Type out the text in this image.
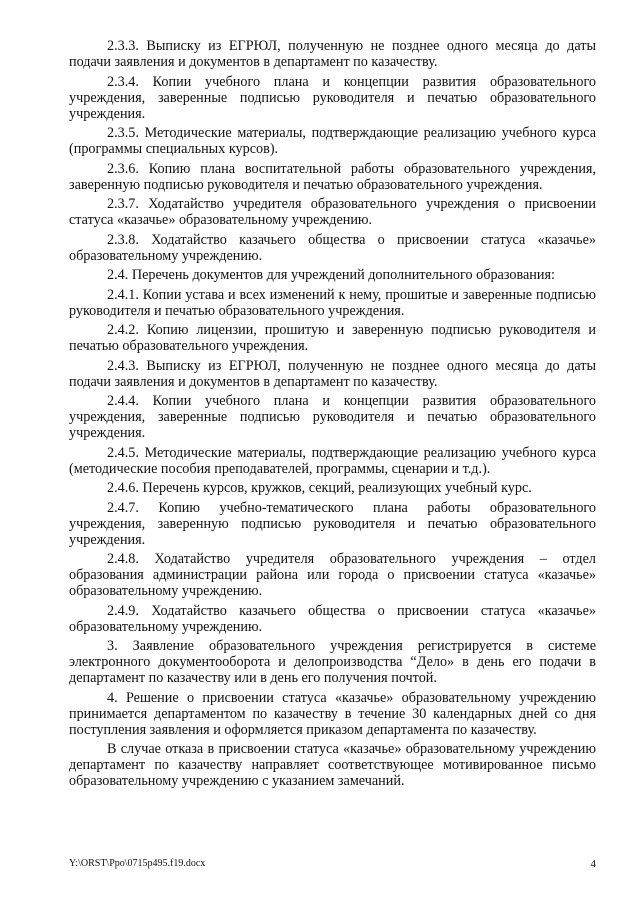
2.3.3. Выписку из ЕГРЮЛ, полученную не позднее одного месяца до даты подачи заявления и документов в департамент по казачеству.

2.3.4. Копии учебного плана и концепции развития образовательного учреждения, заверенные подписью руководителя и печатью образовательного учреждения.

2.3.5. Методические материалы, подтверждающие реализацию учебного курса (программы специальных курсов).

2.3.6. Копию плана воспитательной работы образовательного учреждения, заверенную подписью руководителя и печатью образовательного учреждения.

2.3.7. Ходатайство учредителя образовательного учреждения о присвоении статуса «казачье» образовательному учреждению.

2.3.8. Ходатайство казачьего общества о присвоении статуса «казачье» образовательному учреждению.

2.4. Перечень документов для учреждений дополнительного образования:

2.4.1. Копии устава и всех изменений к нему, прошитые и заверенные подписью руководителя и печатью образовательного учреждения.

2.4.2. Копию лицензии, прошитую и заверенную подписью руководителя и печатью образовательного учреждения.

2.4.3. Выписку из ЕГРЮЛ, полученную не позднее одного месяца до даты подачи заявления и документов в департамент по казачеству.

2.4.4. Копии учебного плана и концепции развития образовательного учреждения, заверенные подписью руководителя и печатью образовательного учреждения.

2.4.5. Методические материалы, подтверждающие реализацию учебного курса (методические пособия преподавателей, программы, сценарии и т.д.).

2.4.6. Перечень курсов, кружков, секций, реализующих учебный курс.

2.4.7. Копию учебно-тематического плана работы образовательного учреждения, заверенную подписью руководителя и печатью образовательного учреждения.

2.4.8. Ходатайство учредителя образовательного учреждения – отдел образования администрации района или города о присвоении статуса «казачье» образовательному учреждению.

2.4.9. Ходатайство казачьего общества о присвоении статуса «казачье» образовательному учреждению.

3. Заявление образовательного учреждения регистрируется в системе электронного документооборота и делопроизводства “Дело» в день его подачи в департамент по казачеству или в день его получения почтой.

4. Решение о присвоении статуса «казачье» образовательному учреждению принимается департаментом по казачеству в течение 30 календарных дней со дня поступления заявления и оформляется приказом департамента по казачеству.

В случае отказа в присвоении статуса «казачье» образовательному учреждению департамент по казачеству направляет соответствующее мотивированное письмо образовательному учреждению с указанием замечаний.

Y:\ORST\Ppo\0715p495.f19.docx	4
